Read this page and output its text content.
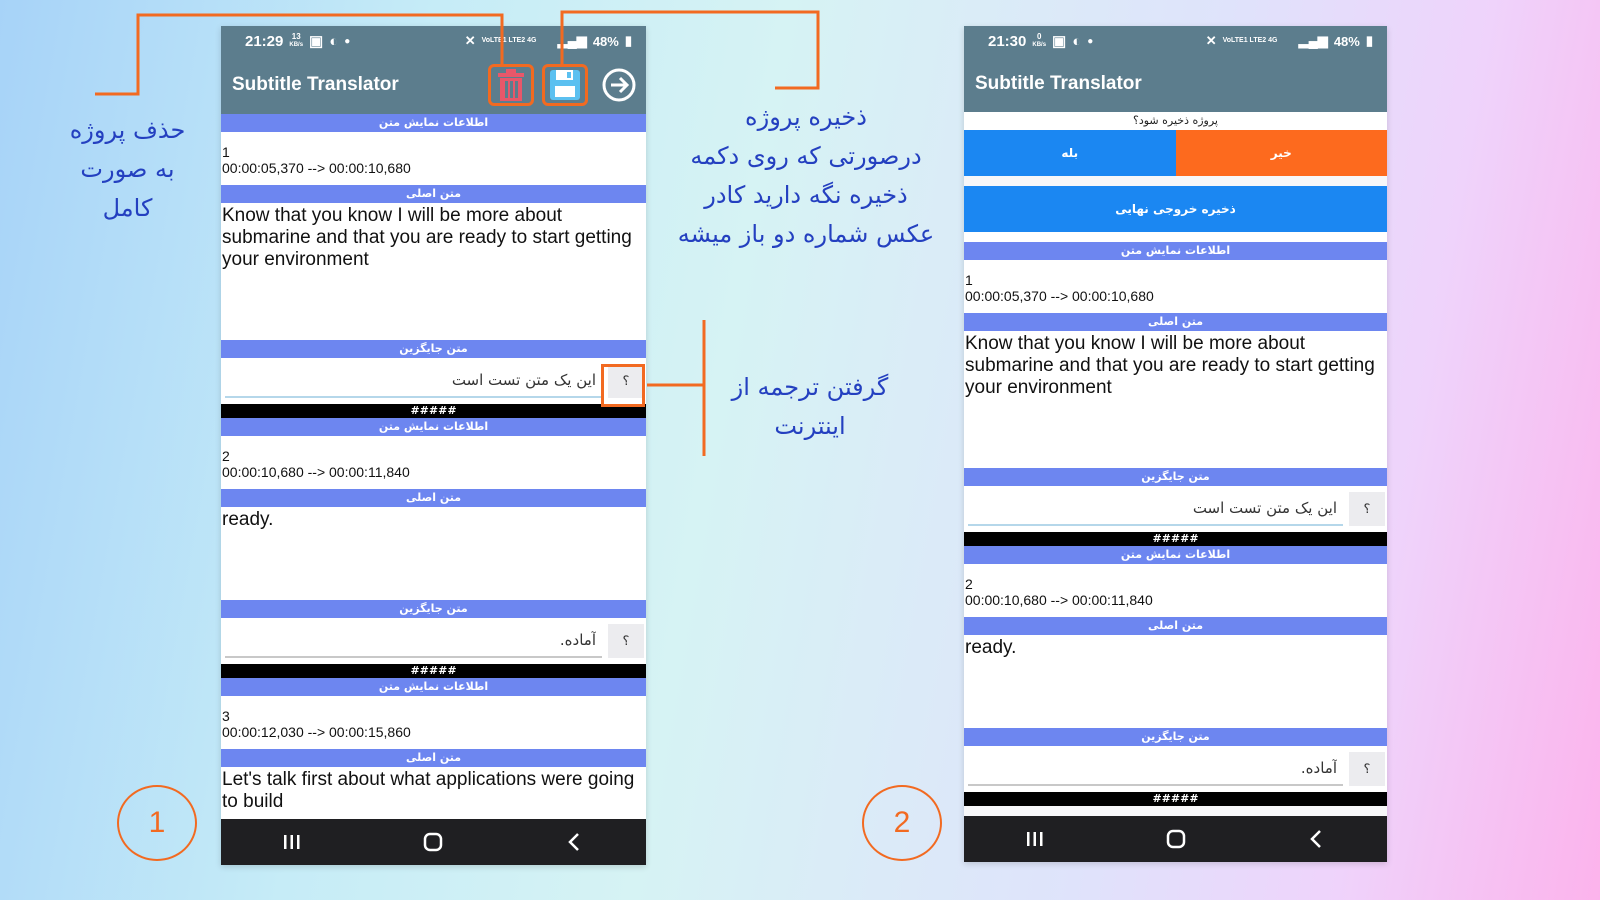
21:29 13
KB/s ▣ ◐ ●	✕ VoLTE1 LTE2 4G	▂▄▆ 48% ▮
Subtitle Translator
اطلاعات نمایش متن
1
00:00:05,370 --> 00:00:10,680
متن اصلی
Know that you know I will be more about submarine and that you are ready to start getting your environment
متن جایگزین
این یک متن تست است
؟
#####
اطلاعات نمایش متن
2
00:00:10,680 --> 00:00:11,840
متن اصلی
ready.
متن جایگزین
آماده.
؟
#####
اطلاعات نمایش متن
3
00:00:12,030 --> 00:00:15,860
متن اصلی
Let's talk first about what applications were going to build
21:30 0
KB/s ▣ ◐ ●	✕ VoLTE1 LTE2 4G	▂▄▆ 48% ▮
Subtitle Translator
پروژه ذخیره شود؟
بله	خیر
ذخیره خروجی نهایی
اطلاعات نمایش متن
1
00:00:05,370 --> 00:00:10,680
متن اصلی
Know that you know I will be more about submarine and that you are ready to start getting your environment
متن جایگزین
این یک متن تست است
؟
#####
اطلاعات نمایش متن
2
00:00:10,680 --> 00:00:11,840
متن اصلی
ready.
متن جایگزین
آماده.
؟
#####
حذف پروژه
به صورت
کامل
ذخیره پروژه
درصورتی که روی دکمه
ذخیره نگه دارید کادر
عکس شماره دو باز میشه
گرفتن ترجمه از
اینترنت
1	2
